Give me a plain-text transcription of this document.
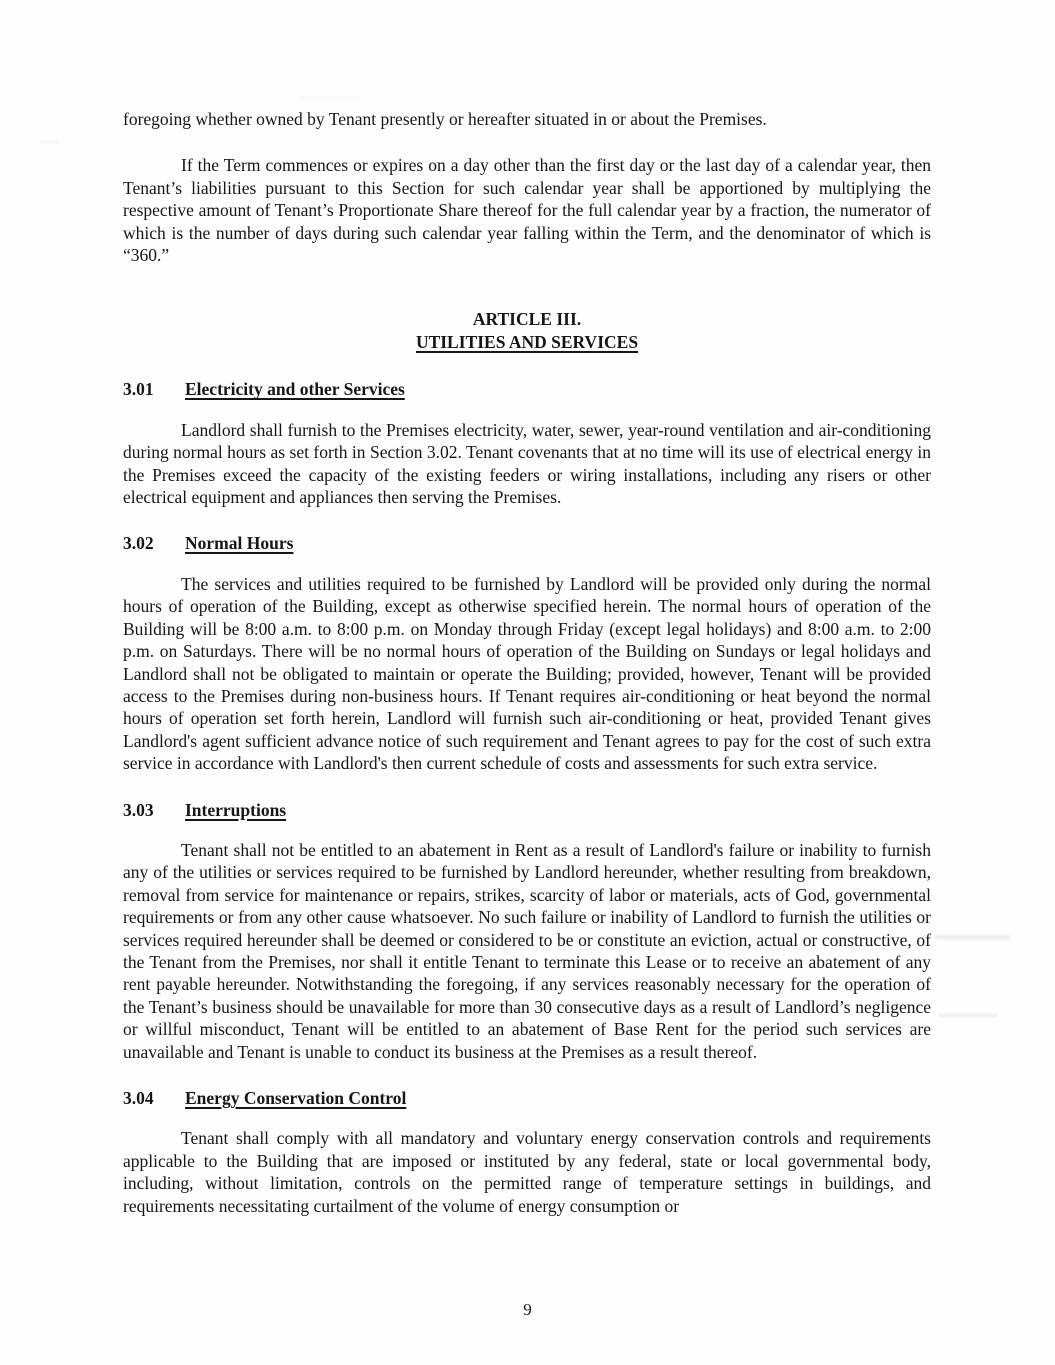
foregoing whether owned by Tenant presently or hereafter situated in or about the Premises.

If the Term commences or expires on a day other than the first day or the last day of a calendar year, then Tenant’s liabilities pursuant to this Section for such calendar year shall be apportioned by multiplying the respective amount of Tenant’s Proportionate Share thereof for the full calendar year by a fraction, the numerator of which is the number of days during such calendar year falling within the Term, and the denominator of which is “360.”

ARTICLE III.
UTILITIES AND SERVICES
3.01 Electricity and other Services

Landlord shall furnish to the Premises electricity, water, sewer, year-round ventilation and air-conditioning during normal hours as set forth in Section 3.02. Tenant covenants that at no time will its use of electrical energy in the Premises exceed the capacity of the existing feeders or wiring installations, including any risers or other electrical equipment and appliances then serving the Premises.

3.02 Normal Hours

The services and utilities required to be furnished by Landlord will be provided only during the normal hours of operation of the Building, except as otherwise specified herein. The normal hours of operation of the Building will be 8:00 a.m. to 8:00 p.m. on Monday through Friday (except legal holidays) and 8:00 a.m. to 2:00 p.m. on Saturdays. There will be no normal hours of operation of the Building on Sundays or legal holidays and Landlord shall not be obligated to maintain or operate the Building; provided, however, Tenant will be provided access to the Premises during non-business hours. If Tenant requires air-conditioning or heat beyond the normal hours of operation set forth herein, Landlord will furnish such air-conditioning or heat, provided Tenant gives Landlord's agent sufficient advance notice of such requirement and Tenant agrees to pay for the cost of such extra service in accordance with Landlord's then current schedule of costs and assessments for such extra service.

3.03 Interruptions

Tenant shall not be entitled to an abatement in Rent as a result of Landlord's failure or inability to furnish any of the utilities or services required to be furnished by Landlord hereunder, whether resulting from breakdown, removal from service for maintenance or repairs, strikes, scarcity of labor or materials, acts of God, governmental requirements or from any other cause whatsoever. No such failure or inability of Landlord to furnish the utilities or services required hereunder shall be deemed or considered to be or constitute an eviction, actual or constructive, of the Tenant from the Premises, nor shall it entitle Tenant to terminate this Lease or to receive an abatement of any rent payable hereunder. Notwithstanding the foregoing, if any services reasonably necessary for the operation of the Tenant’s business should be unavailable for more than 30 consecutive days as a result of Landlord’s negligence or willful misconduct, Tenant will be entitled to an abatement of Base Rent for the period such services are unavailable and Tenant is unable to conduct its business at the Premises as a result thereof.

3.04 Energy Conservation Control

Tenant shall comply with all mandatory and voluntary energy conservation controls and requirements applicable to the Building that are imposed or instituted by any federal, state or local governmental body, including, without limitation, controls on the permitted range of temperature settings in buildings, and requirements necessitating curtailment of the volume of energy consumption or

9
